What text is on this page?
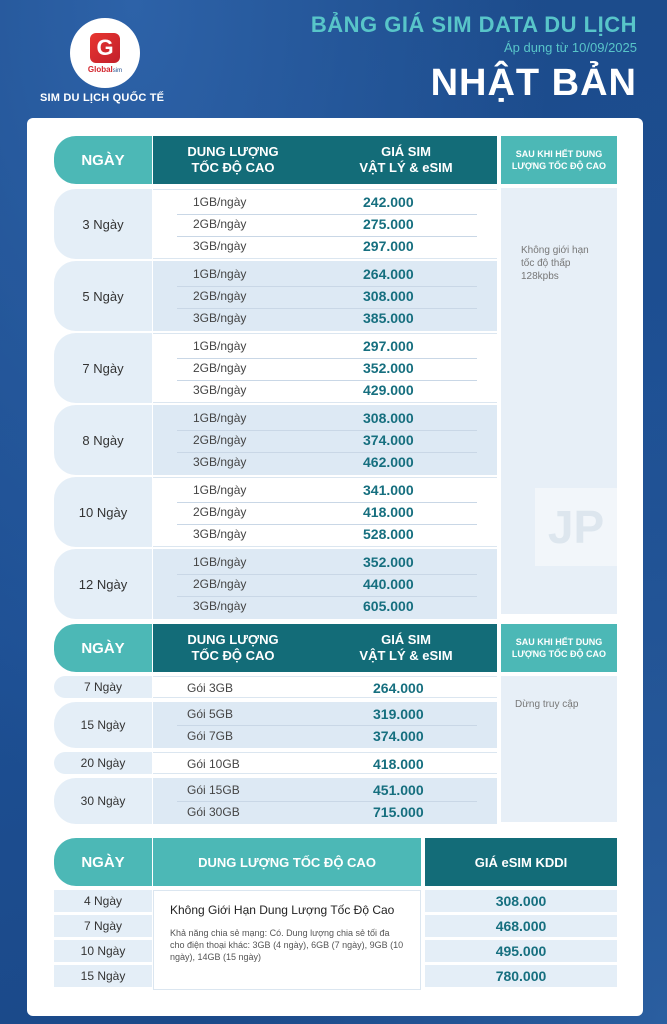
G
Globalsim
SIM DU LỊCH QUỐC TẾ
BẢNG GIÁ SIM DATA DU LỊCH
Áp dụng từ 10/09/2025
NHẬT BẢN
NGÀY	DUNG LƯỢNG
TỐC ĐỘ CAO
GIÁ SIM
VẬT LÝ & eSIM
SAU KHI HẾT DUNG
LƯỢNG TỐC ĐỘ CAO
Không giới hạn
tốc độ thấp
128kpbs
JP
3 Ngày
1GB/ngày	242.000
2GB/ngày	275.000
3GB/ngày	297.000
5 Ngày
1GB/ngày	264.000
2GB/ngày	308.000
3GB/ngày	385.000
7 Ngày
1GB/ngày	297.000
2GB/ngày	352.000
3GB/ngày	429.000
8 Ngày
1GB/ngày	308.000
2GB/ngày	374.000
3GB/ngày	462.000
10 Ngày
1GB/ngày	341.000
2GB/ngày	418.000
3GB/ngày	528.000
12 Ngày
1GB/ngày	352.000
2GB/ngày	440.000
3GB/ngày	605.000
NGÀY	DUNG LƯỢNG
TỐC ĐỘ CAO
GIÁ SIM
VẬT LÝ & eSIM
SAU KHI HẾT DUNG
LƯỢNG TỐC ĐỘ CAO
Dừng truy cập
7 Ngày	Gói 3GB	264.000
15 Ngày
Gói 5GB	319.000
Gói 7GB	374.000
20 Ngày	Gói 10GB	418.000
30 Ngày
Gói 15GB	451.000
Gói 30GB	715.000
NGÀY	DUNG LƯỢNG TỐC ĐỘ CAO	GIÁ eSIM KDDI
Không Giới Hạn Dung Lượng Tốc Độ Cao
Khả năng chia sẻ mạng: Có. Dung lượng chia sẻ tối đa cho điện thoại khác: 3GB (4 ngày), 6GB (7 ngày), 9GB (10 ngày), 14GB (15 ngày)
4 Ngày	308.000
7 Ngày	468.000
10 Ngày	495.000
15 Ngày	780.000
